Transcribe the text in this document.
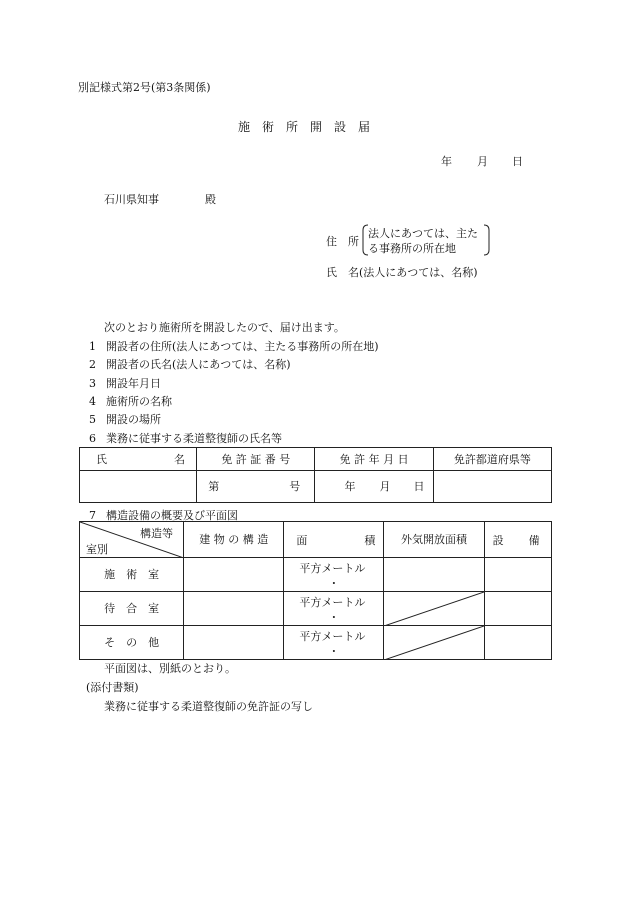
別記様式第2号(第3条関係)
施　術　所　開　設　届
年 月 日
石川県知事	殿
住　所
法人にあつては、主た
る事務所の所在地
氏　名(法人にあつては、名称)
次のとおり施術所を開設したので、届け出ます。
1 開設者の住所(法人にあつては、主たる事務所の所在地)
2 開設者の氏名(法人にあつては、名称)
3 開設年月日
4 施術所の名称
5 開設の場所
6 業務に従事する柔道整復師の氏名等
氏 名	免 許 証 番 号	免 許 年 月 日	免許都道府県等

	第 号	年 月 日	

7 構造設備の概要及び平面図
構造等
室別	建 物 の 構 造	面 積	外気開放面積	設 備

施　術　室		平方メートル
・		

待　合　室		平方メートル
・

そ　の　他		平方メートル
・

平面図は、別紙のとおり。
(添付書類)
業務に従事する柔道整復師の免許証の写し
